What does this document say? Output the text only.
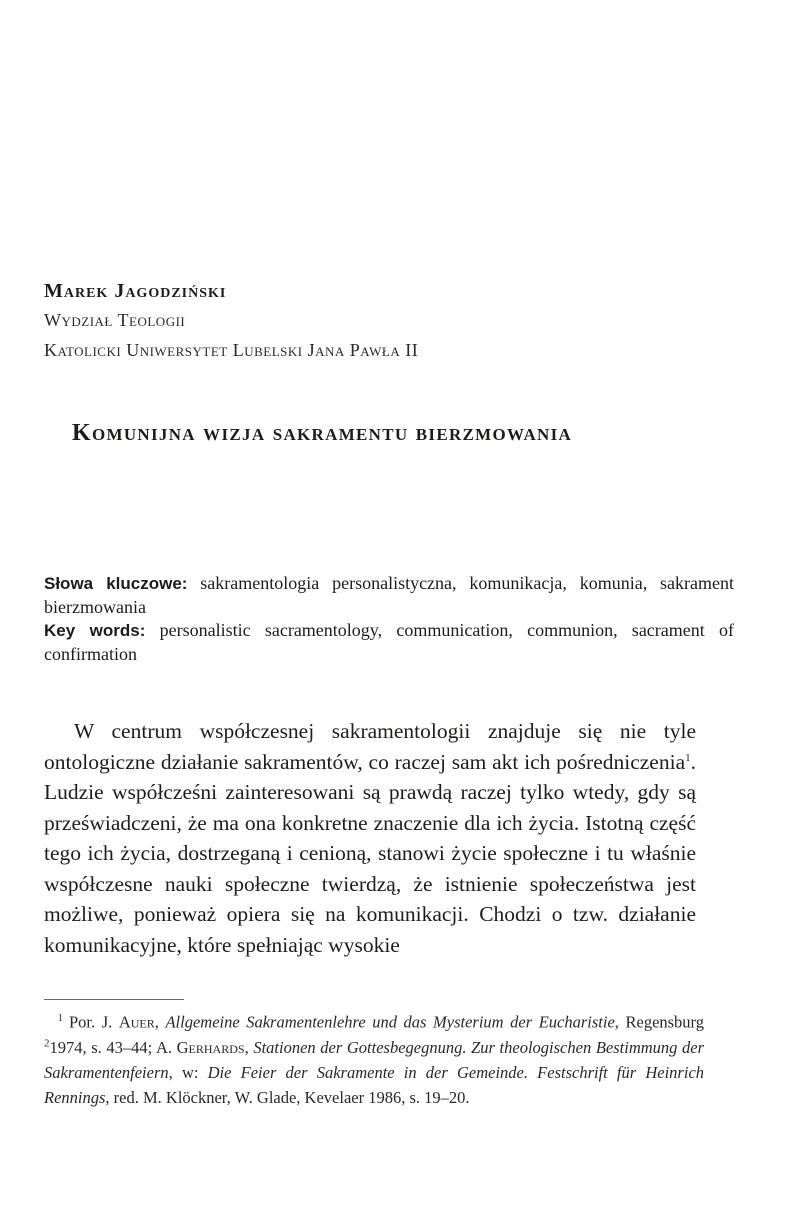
Marek Jagodziński
Wydział Teologii
Katolicki Uniwersytet Lubelski Jana Pawła II
Komunijna wizja sakramentu bierzmowania
Słowa kluczowe: sakramentologia personalistyczna, komunikacja, komunia, sakrament bierzmowania
Key words: personalistic sacramentology, communication, communion, sacrament of confirmation
W centrum współczesnej sakramentologii znajduje się nie tyle ontologiczne działanie sakramentów, co raczej sam akt ich pośredniczenia$^1$. Ludzie współcześni zainteresowani są prawdą raczej tylko wtedy, gdy są przeświadczeni, że ma ona konkretne znaczenie dla ich życia. Istotną część tego ich życia, dostrzeganą i cenioną, stanowi życie społeczne i tu właśnie współczesne nauki społeczne twierdzą, że istnienie społeczeństwa jest możliwe, ponieważ opiera się na komunikacji. Chodzi o tzw. działanie komunikacyjne, które spełniając wysokie
$^1$ Por. J. Auer, Allgemeine Sakramentenlehre und das Mysterium der Eucharistie, Regensburg $^2$1974, s. 43–44; A. Gerhards, Stationen der Gottesbegegnung. Zur theologischen Bestimmung der Sakramentenfeiern, w: Die Feier der Sakramente in der Gemeinde. Festschrift für Heinrich Rennings, red. M. Klöckner, W. Glade, Kevelaer 1986, s. 19–20.
